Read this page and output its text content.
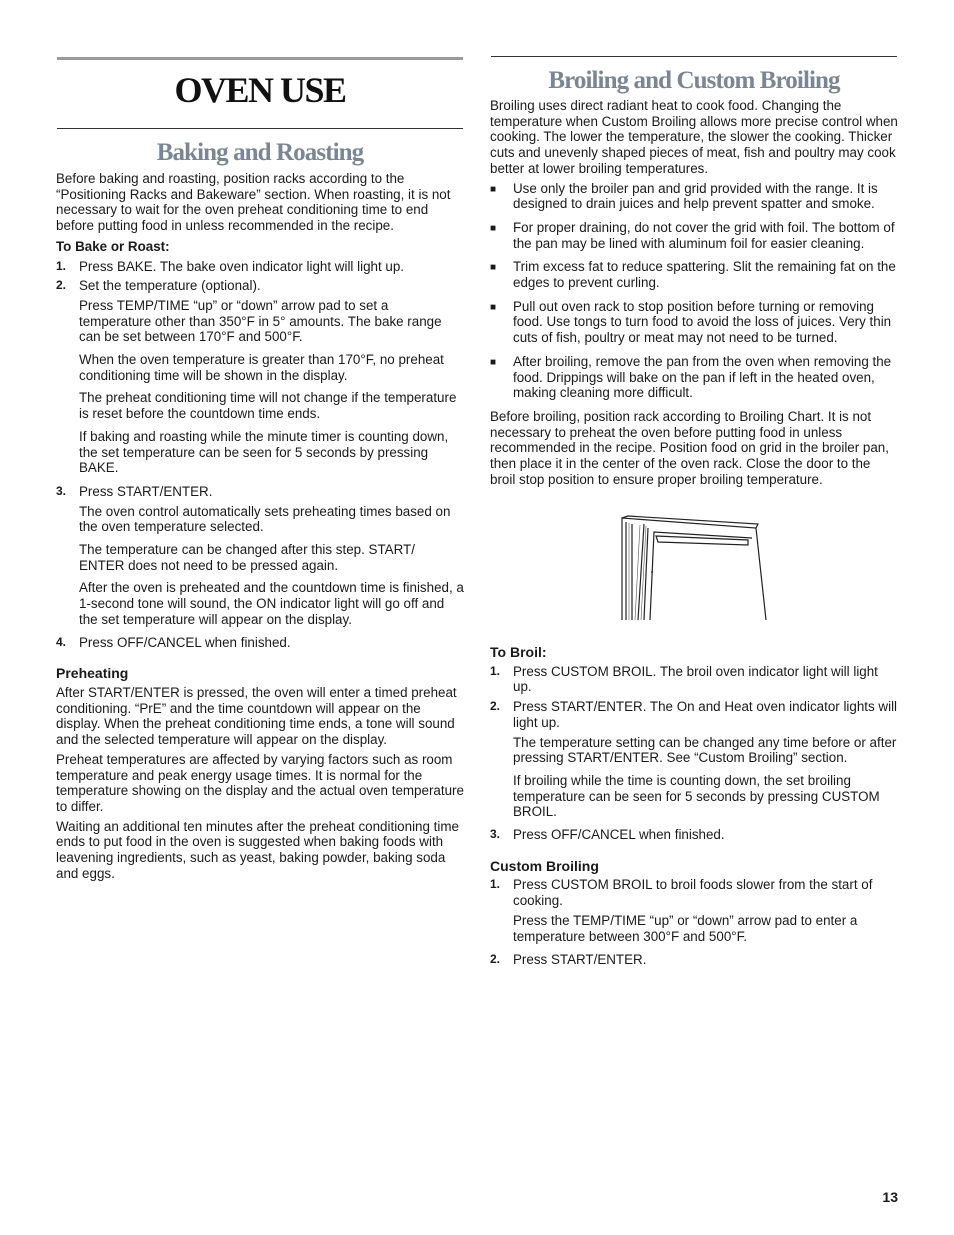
OVEN USE
Baking and Roasting

Before baking and roasting, position racks according to the “Positioning Racks and Bakeware” section. When roasting, it is not necessary to wait for the oven preheat conditioning time to end before putting food in unless recommended in the recipe.

To Bake or Roast:

1. Press BAKE. The bake oven indicator light will light up.

2. Set the temperature (optional).

Press TEMP/TIME “up” or “down” arrow pad to set a temperature other than 350°F in 5° amounts. The bake range can be set between 170°F and 500°F.

When the oven temperature is greater than 170°F, no preheat conditioning time will be shown in the display.

The preheat conditioning time will not change if the temperature is reset before the countdown time ends.

If baking and roasting while the minute timer is counting down, the set temperature can be seen for 5 seconds by pressing BAKE.

3. Press START/ENTER.

The oven control automatically sets preheating times based on the oven temperature selected.

The temperature can be changed after this step. START/ ENTER does not need to be pressed again.

After the oven is preheated and the countdown time is finished, a 1-second tone will sound, the ON indicator light will go off and the set temperature will appear on the display.

4. Press OFF/CANCEL when finished.

Preheating

After START/ENTER is pressed, the oven will enter a timed preheat conditioning. “PrE” and the time countdown will appear on the display. When the preheat conditioning time ends, a tone will sound and the selected temperature will appear on the display.

Preheat temperatures are affected by varying factors such as room temperature and peak energy usage times. It is normal for the temperature showing on the display and the actual oven temperature to differ.

Waiting an additional ten minutes after the preheat conditioning time ends to put food in the oven is suggested when baking foods with leavening ingredients, such as yeast, baking powder, baking soda and eggs.

Broiling and Custom Broiling

Broiling uses direct radiant heat to cook food. Changing the temperature when Custom Broiling allows more precise control when cooking. The lower the temperature, the slower the cooking. Thicker cuts and unevenly shaped pieces of meat, fish and poultry may cook better at lower broiling temperatures.

■ Use only the broiler pan and grid provided with the range. It is designed to drain juices and help prevent spatter and smoke.

■ For proper draining, do not cover the grid with foil. The bottom of the pan may be lined with aluminum foil for easier cleaning.

■ Trim excess fat to reduce spattering. Slit the remaining fat on the edges to prevent curling.

■ Pull out oven rack to stop position before turning or removing food. Use tongs to turn food to avoid the loss of juices. Very thin cuts of fish, poultry or meat may not need to be turned.

■ After broiling, remove the pan from the oven when removing the food. Drippings will bake on the pan if left in the heated oven, making cleaning more difficult.

Before broiling, position rack according to Broiling Chart. It is not necessary to preheat the oven before putting food in unless recommended in the recipe. Position food on grid in the broiler pan, then place it in the center of the oven rack. Close the door to the broil stop position to ensure proper broiling temperature.

To Broil:

1. Press CUSTOM BROIL. The broil oven indicator light will light up.

2. Press START/ENTER. The On and Heat oven indicator lights will light up.

The temperature setting can be changed any time before or after pressing START/ENTER. See “Custom Broiling” section.

If broiling while the time is counting down, the set broiling temperature can be seen for 5 seconds by pressing CUSTOM BROIL.

3. Press OFF/CANCEL when finished.

Custom Broiling

1. Press CUSTOM BROIL to broil foods slower from the start of cooking.

Press the TEMP/TIME “up” or “down” arrow pad to enter a temperature between 300°F and 500°F.

2. Press START/ENTER.

13
